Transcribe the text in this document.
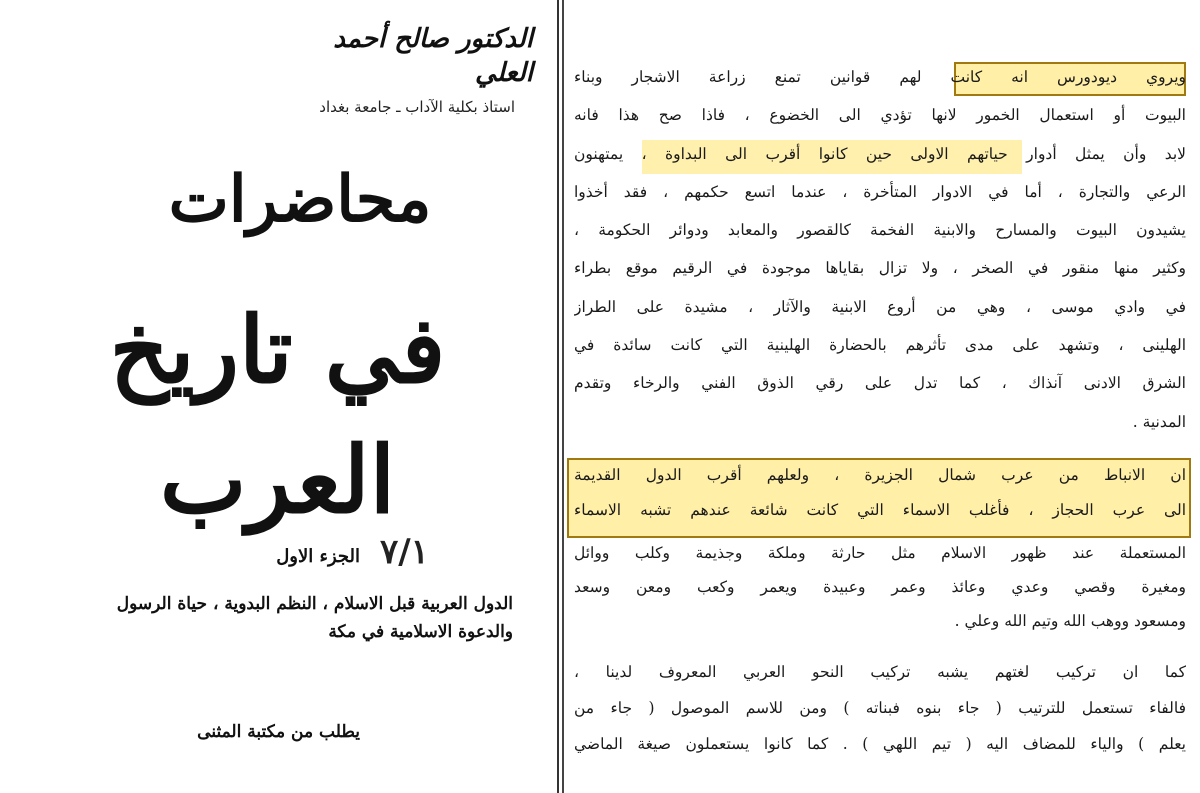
الدكتور صالح أحمد العلي
استاذ بكلية الآداب ـ جامعة بغداد
محاضرات
في تاريخ العرب
٧/١
الجزء الاول
الدول العربية قبل الاسلام ، النظم البدوية ، حياة الرسول
والدعوة الاسلامية في مكة
يطلب من مكتبة المثنى
ويروي ديودورس انه كانت لهم قوانين تمنع زراعة الاشجار وبناء
البيوت أو استعمال الخمور لانها تؤدي الى الخضوع ، فاذا صح هذا فانه
لابد وأن يمثل أدوار حياتهم الاولى حين كانوا أقرب الى البداوة ، يمتهنون
الرعي والتجارة ، أما في الادوار المتأخرة ، عندما اتسع حكمهم ، فقد أخذوا
يشيدون البيوت والمسارح والابنية الفخمة كالقصور والمعابد ودوائر الحكومة ،
وكثير منها منقور في الصخر ، ولا تزال بقاياها موجودة في الرقيم موقع بطراء
في وادي موسى ، وهي من أروع الابنية والآثار ، مشيدة على الطراز
الهلينى ، وتشهد على مدى تأثرهم بالحضارة الهلينية التي كانت سائدة في
الشرق الادنى آنذاك ، كما تدل على رقي الذوق الفني والرخاء وتقدم
المدنية .
ان الانباط من عرب شمال الجزيرة ، ولعلهم أقرب الدول القديمة
الى عرب الحجاز ، فأغلب الاسماء التي كانت شائعة عندهم تشبه الاسماء
المستعملة عند ظهور الاسلام مثل حارثة وملكة وجذيمة وكلب ووائل
ومغيرة وقصي وعدي وعائذ وعمر وعبيدة ويعمر وكعب ومعن وسعد
ومسعود ووهب الله وتيم الله وعلي .
كما ان تركيب لغتهم يشبه تركيب النحو العربي المعروف لدينا ،
فالفاء تستعمل للترتيب ( جاء بنوه فبناته ) ومن للاسم الموصول ( جاء من
يعلم ) والياء للمضاف اليه ( تيم اللهي ) . كما كانوا يستعملون صيغة الماضي
